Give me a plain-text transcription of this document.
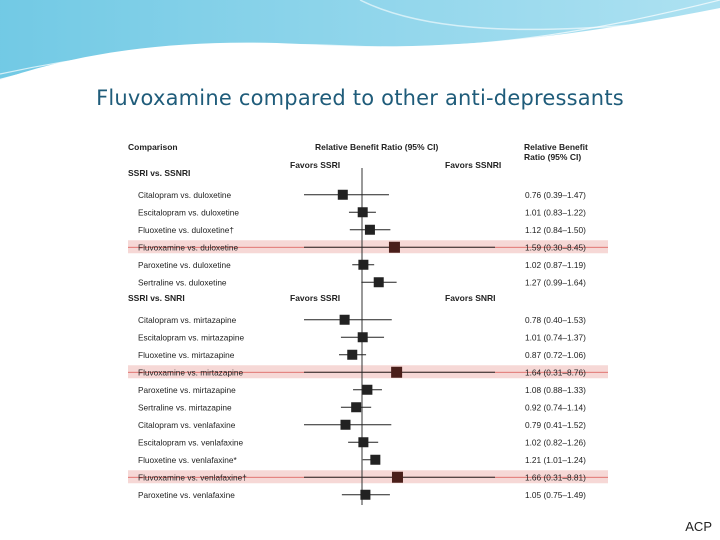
Fluvoxamine compared to other anti-depressants
Comparison	Relative Benefit Ratio (95% CI)	Relative Benefit
Ratio (95% CI)
SSRI vs. SSNRI
Favors SSRI	Favors SSNRI
Citalopram vs. duloxetine	0.76 (0.39–1.47)
Escitalopram vs. duloxetine	1.01 (0.83–1.22)
Fluoxetine vs. duloxetine†	1.12 (0.84–1.50)
Fluvoxamine vs. duloxetine	1.59 (0.30–8.45)
Paroxetine vs. duloxetine	1.02 (0.87–1.19)
Sertraline vs. duloxetine	1.27 (0.99–1.64)
SSRI vs. SNRI	Favors SSRI	Favors SNRI
Citalopram vs. mirtazapine	0.78 (0.40–1.53)
Escitalopram vs. mirtazapine	1.01 (0.74–1.37)
Fluoxetine vs. mirtazapine	0.87 (0.72–1.06)
Fluvoxamine vs. mirtazapine	1.64 (0.31–8.76)
Paroxetine vs. mirtazapine	1.08 (0.88–1.33)
Sertraline vs. mirtazapine	0.92 (0.74–1.14)
Citalopram vs. venlafaxine	0.79 (0.41–1.52)
Escitalopram vs. venlafaxine	1.02 (0.82–1.26)
Fluoxetine vs. venlafaxine*	1.21 (1.01–1.24)
Fluvoxamine vs. venlafaxine†	1.66 (0.31–8.81)
Paroxetine vs. venlafaxine	1.05 (0.75–1.49)
ACP
